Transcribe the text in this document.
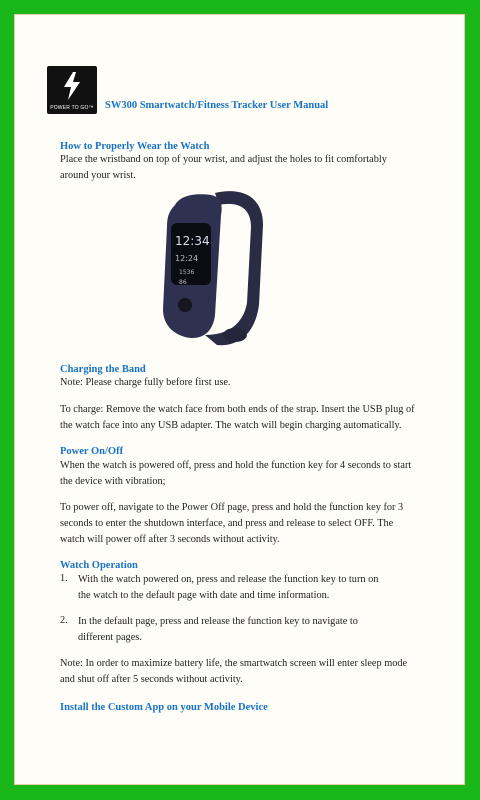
POWER TO GO™	SW300 Smartwatch/Fitness Tracker User Manual
How to Properly Wear the Watch

Place the wristband on top of your wrist, and adjust the holes to fit comfortably

around your wrist.

12:34
12:24
1536
86
Charging the Band

Note: Please charge fully before first use.

To charge: Remove the watch face from both ends of the strap. Insert the USB plug of

the watch face into any USB adapter. The watch will begin charging automatically.

Power On/Off

When the watch is powered off, press and hold the function key for 4 seconds to start

the device with vibration;

To power off, navigate to the Power Off page, press and hold the function key for 3

seconds to enter the shutdown interface, and press and release to select OFF. The

watch will power off after 3 seconds without activity.

Watch Operation
1. With the watch powered on, press and release the function key to turn on

the watch to the default page with date and time information.

2. In the default page, press and release the function key to navigate to

different pages.

Note: In order to maximize battery life, the smartwatch screen will enter sleep mode

and shut off after 5 seconds without activity.

Install the Custom App on your Mobile Device
